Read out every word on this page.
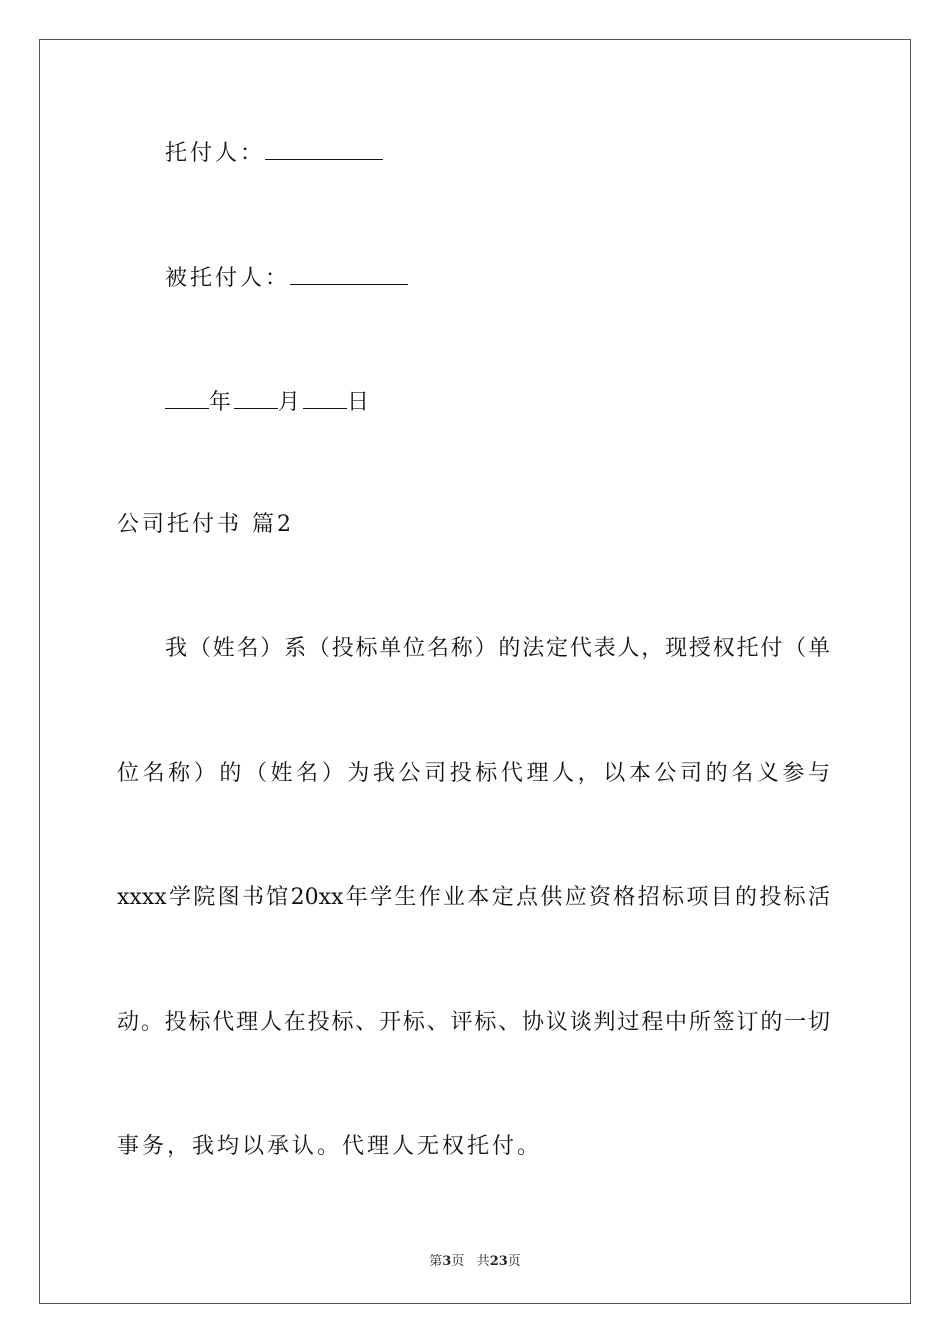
托付人：
被托付人：
年 月 日
公司托付书 篇2
我（姓名）系（投标单位名称）的法定代表人，现授权托付（单
位名称）的（姓名）为我公司投标代理人，以本公司的名义参与
xxxx学院图书馆20xx年学生作业本定点供应资格招标项目的投标活
动。投标代理人在投标、开标、评标、协议谈判过程中所签订的一切
事务，我均以承认。代理人无权托付。
第3页 共23页
